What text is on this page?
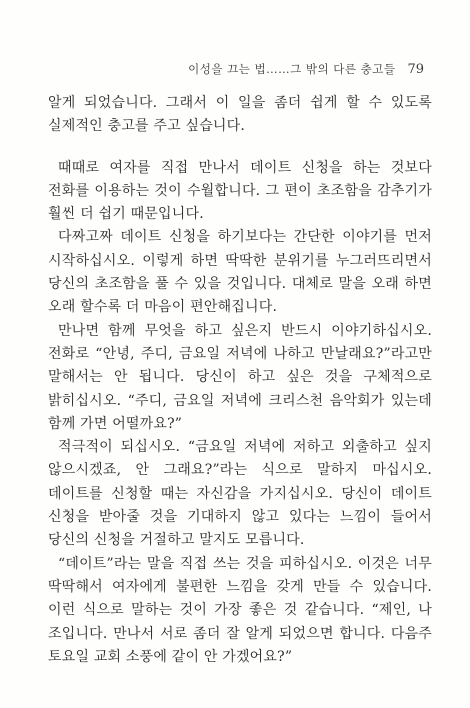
이성을 끄는 법……그 밖의 다른 충고들 79

알게 되었습니다. 그래서 이 일을 좀더 쉽게 할 수 있도록 실제적인 충고를 주고 싶습니다.

때때로 여자를 직접 만나서 데이트 신청을 하는 것보다 전화를 이용하는 것이 수월합니다. 그 편이 초조함을 감추기가 훨씬 더 쉽기 때문입니다.

다짜고짜 데이트 신청을 하기보다는 간단한 이야기를 먼저 시작하십시오. 이렇게 하면 딱딱한 분위기를 누그러뜨리면서 당신의 초조함을 풀 수 있을 것입니다. 대체로 말을 오래 하면 오래 할수록 더 마음이 편안해집니다.

만나면 함께 무엇을 하고 싶은지 반드시 이야기하십시오. 전화로 “안녕, 주디, 금요일 저녁에 나하고 만날래요?”라고만 말해서는 안 됩니다. 당신이 하고 싶은 것을 구체적으로 밝히십시오. “주디, 금요일 저녁에 크리스천 음악회가 있는데 함께 가면 어떨까요?”

적극적이 되십시오. “금요일 저녁에 저하고 외출하고 싶지 않으시겠죠, 안 그래요?”라는 식으로 말하지 마십시오. 데이트를 신청할 때는 자신감을 가지십시오. 당신이 데이트 신청을 받아줄 것을 기대하지 않고 있다는 느낌이 들어서 당신의 신청을 거절하고 말지도 모릅니다.

“데이트”라는 말을 직접 쓰는 것을 피하십시오. 이것은 너무 딱딱해서 여자에게 불편한 느낌을 갖게 만들 수 있습니다. 이런 식으로 말하는 것이 가장 좋은 것 같습니다. “제인, 나 조입니다. 만나서 서로 좀더 잘 알게 되었으면 합니다. 다음주 토요일 교회 소풍에 같이 안 가겠어요?”
